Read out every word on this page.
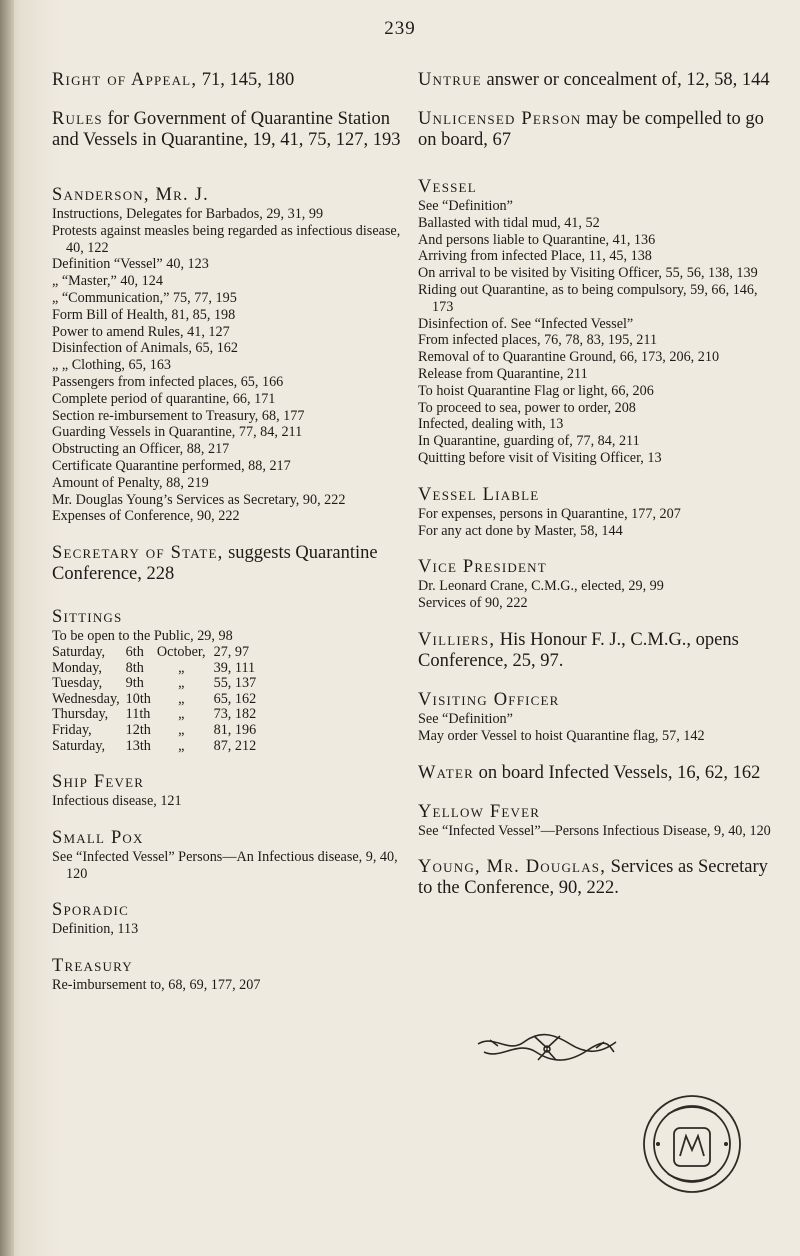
239
Right of Appeal, 71, 145, 180
Rules for Government of Quarantine Station and Vessels in Quarantine, 19, 41, 75, 127, 193
Sanderson, Mr. J.
Instructions, Delegates for Barbados, 29, 31, 99
Protests against measles being regarded as infectious disease, 40, 122
Definition “Vessel” 40, 123
„ “Master,” 40, 124
„ “Communication,” 75, 77, 195
Form Bill of Health, 81, 85, 198
Power to amend Rules, 41, 127
Disinfection of Animals, 65, 162
„ „ Clothing, 65, 163
Passengers from infected places, 65, 166
Complete period of quarantine, 66, 171
Section re-imbursement to Treasury, 68, 177
Guarding Vessels in Quarantine, 77, 84, 211
Obstructing an Officer, 88, 217
Certificate Quarantine performed, 88, 217
Amount of Penalty, 88, 219
Mr. Douglas Young’s Services as Secretary, 90, 222
Expenses of Conference, 90, 222
Secretary of State, suggests Quarantine Conference, 228
Sittings
To be open to the Public, 29, 98
Saturday,	6th	October,	27, 97
Monday,	8th	„	39, 111
Tuesday,	9th	„	55, 137
Wednesday,	10th	„	65, 162
Thursday,	11th	„	73, 182
Friday,	12th	„	81, 196
Saturday,	13th	„	87, 212
Ship Fever
Infectious disease, 121
Small Pox
See “Infected Vessel” Persons—An Infectious disease, 9, 40, 120
Sporadic
Definition, 113
Treasury
Re-imbursement to, 68, 69, 177, 207
Untrue answer or concealment of, 12, 58, 144
Unlicensed Person may be compelled to go on board, 67
Vessel
See “Definition”
Ballasted with tidal mud, 41, 52
And persons liable to Quarantine, 41, 136
Arriving from infected Place, 11, 45, 138
On arrival to be visited by Visiting Officer, 55, 56, 138, 139
Riding out Quarantine, as to being compulsory, 59, 66, 146, 173
Disinfection of. See “Infected Vessel”
From infected places, 76, 78, 83, 195, 211
Removal of to Quarantine Ground, 66, 173, 206, 210
Release from Quarantine, 211
To hoist Quarantine Flag or light, 66, 206
To proceed to sea, power to order, 208
Infected, dealing with, 13
In Quarantine, guarding of, 77, 84, 211
Quitting before visit of Visiting Officer, 13
Vessel Liable
For expenses, persons in Quarantine, 177, 207
For any act done by Master, 58, 144
Vice President
Dr. Leonard Crane, C.M.G., elected, 29, 99
Services of 90, 222
Villiers, His Honour F. J., C.M.G., opens Conference, 25, 97.
Visiting Officer
See “Definition”
May order Vessel to hoist Quarantine flag, 57, 142
Water on board Infected Vessels, 16, 62, 162
Yellow Fever
See “Infected Vessel”—Persons Infectious Disease, 9, 40, 120
Young, Mr. Douglas, Services as Secretary to the Conference, 90, 222.
